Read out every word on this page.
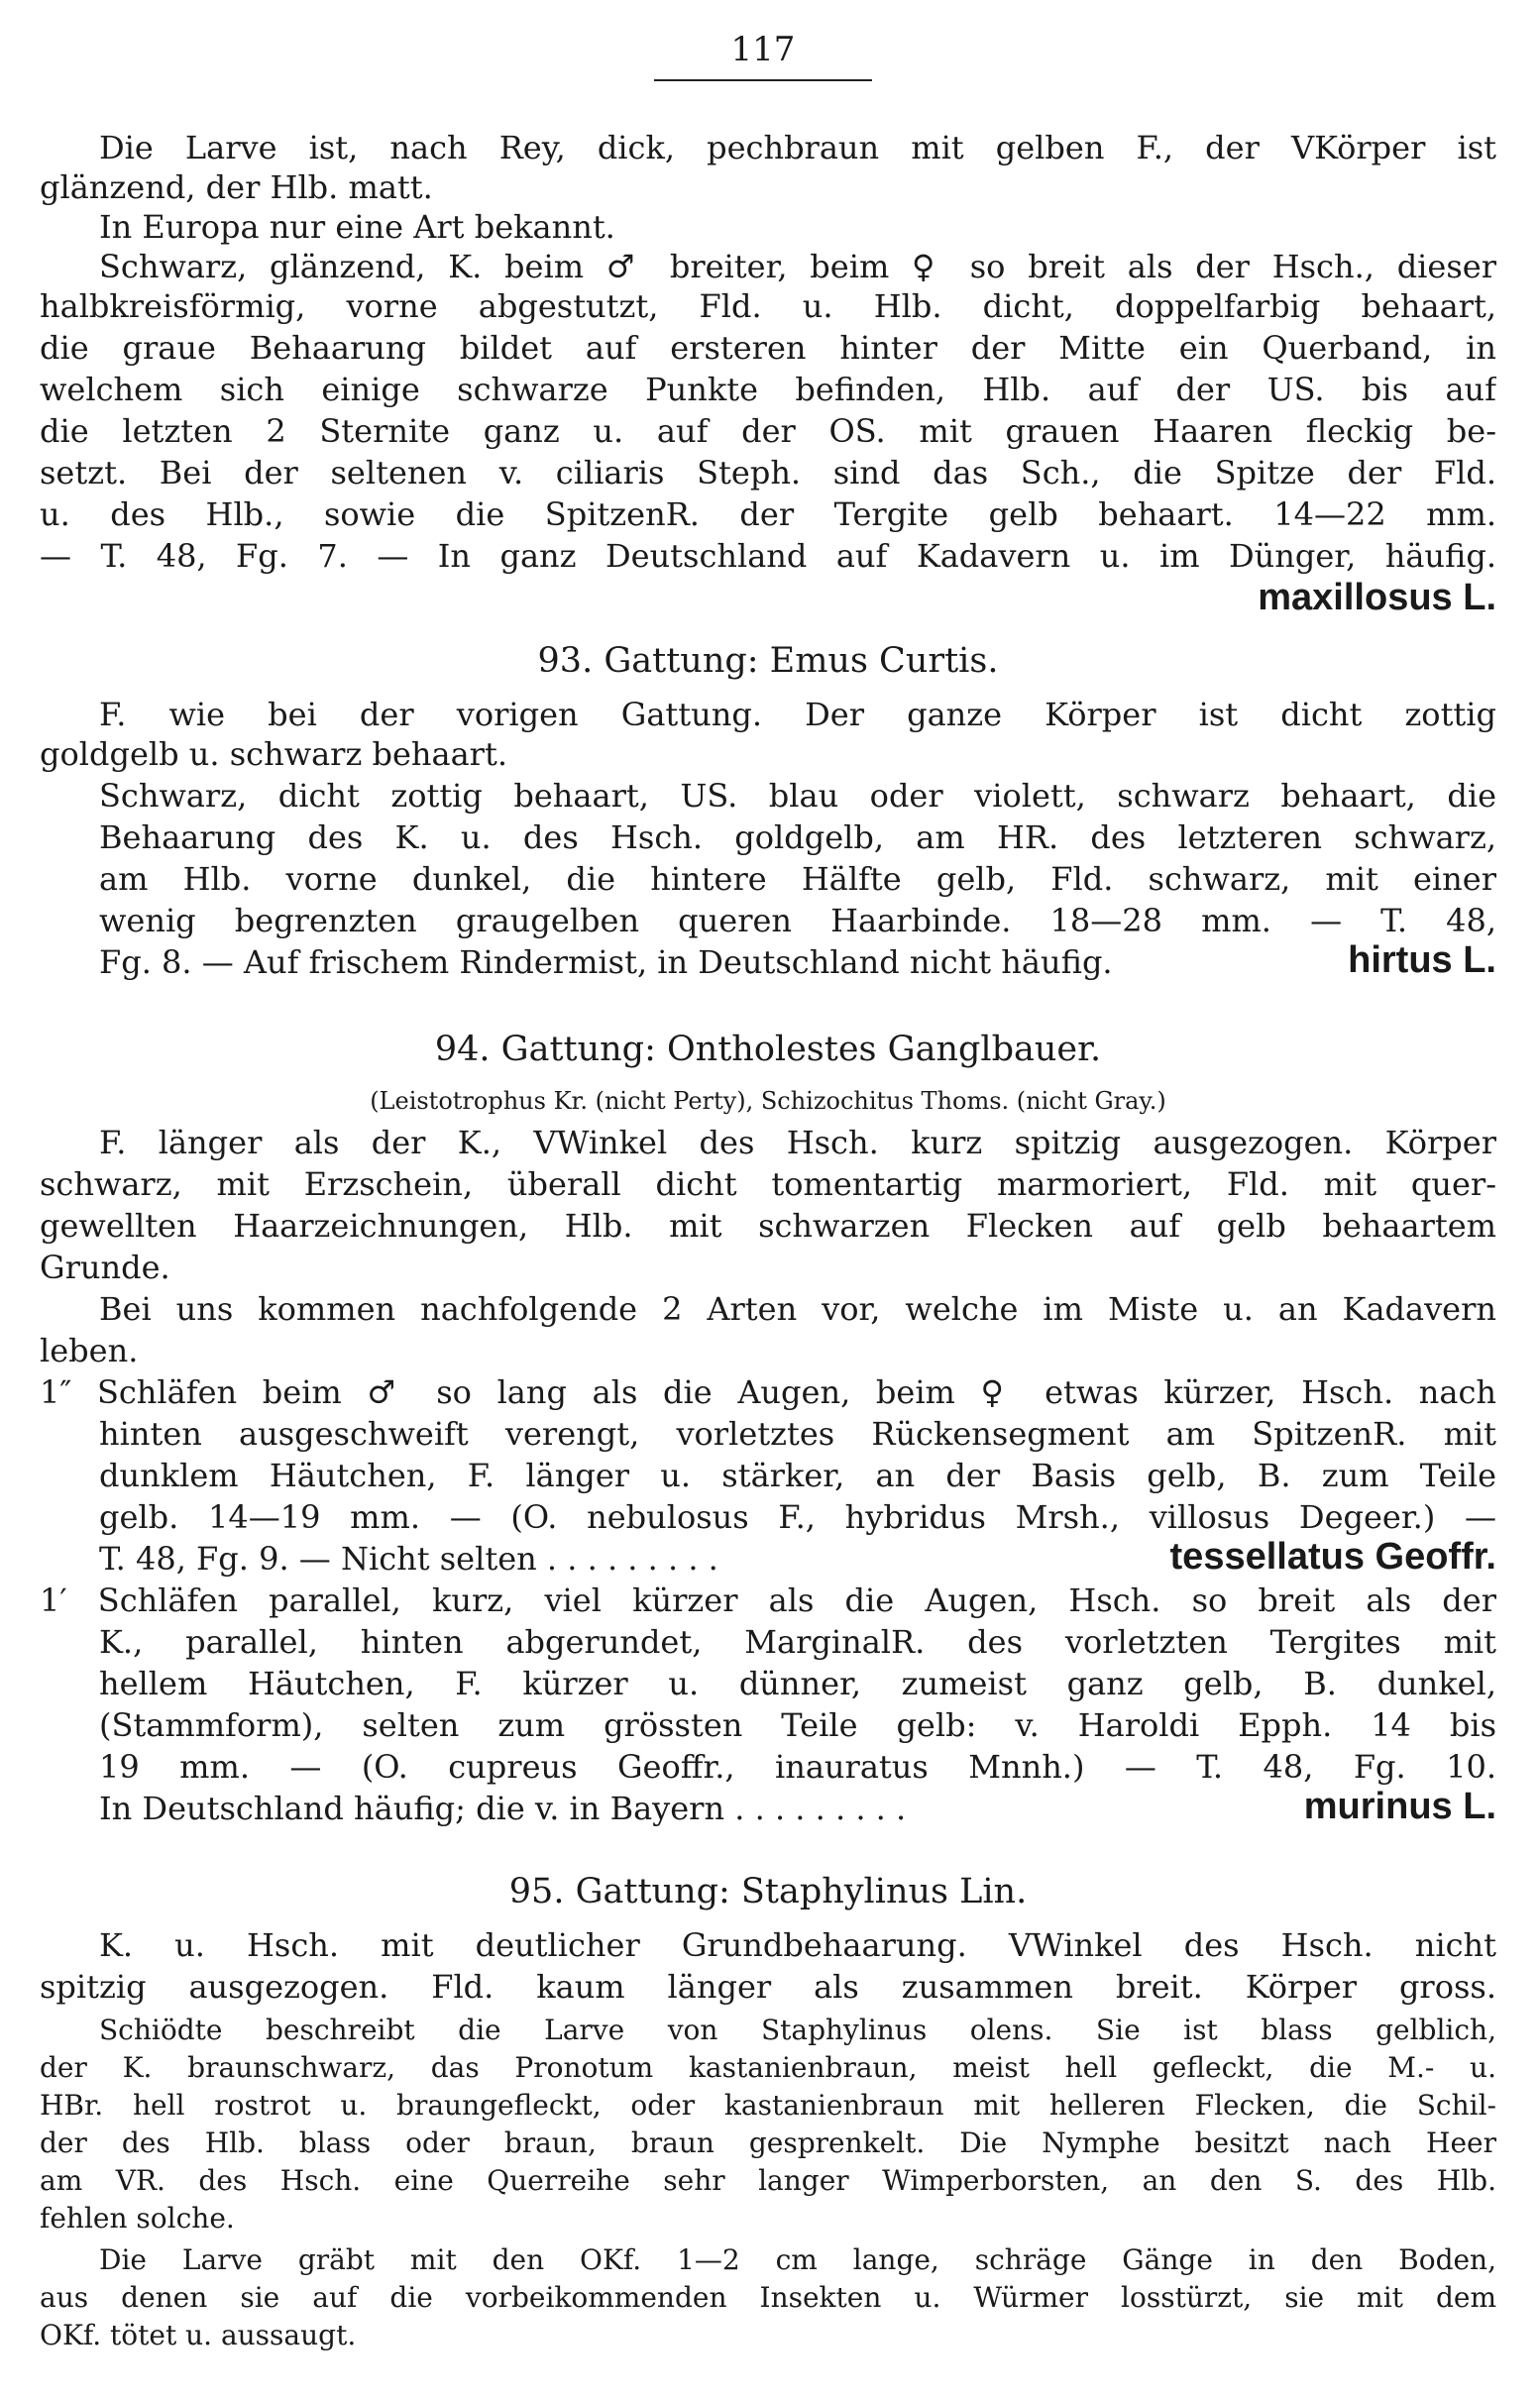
117
Die Larve ist, nach Rey, dick, pechbraun mit gelben F., der VKörper ist
glänzend, der Hlb. matt.
In Europa nur eine Art bekannt.
Schwarz, glänzend, K. beim ♂ breiter, beim ♀ so breit als der Hsch., dieser
halbkreisförmig, vorne abgestutzt, Fld. u. Hlb. dicht, doppelfarbig behaart,
die graue Behaarung bildet auf ersteren hinter der Mitte ein Querband, in
welchem sich einige schwarze Punkte befinden, Hlb. auf der US. bis auf
die letzten 2 Sternite ganz u. auf der OS. mit grauen Haaren fleckig be-
setzt. Bei der seltenen v. ciliaris Steph. sind das Sch., die Spitze der Fld.
u. des Hlb., sowie die SpitzenR. der Tergite gelb behaart. 14—22 mm.
— T. 48, Fg. 7. — In ganz Deutschland auf Kadavern u. im Dünger, häufig.
maxillosus L.
93. Gattung: Emus Curtis.
F. wie bei der vorigen Gattung. Der ganze Körper ist dicht zottig
goldgelb u. schwarz behaart.
Schwarz, dicht zottig behaart, US. blau oder violett, schwarz behaart, die
Behaarung des K. u. des Hsch. goldgelb, am HR. des letzteren schwarz,
am Hlb. vorne dunkel, die hintere Hälfte gelb, Fld. schwarz, mit einer
wenig begrenzten graugelben queren Haarbinde. 18—28 mm. — T. 48,
Fg. 8. — Auf frischem Rindermist, in Deutschland nicht häufig.	hirtus L.
94. Gattung: Ontholestes Ganglbauer.
(Leistotrophus Kr. (nicht Perty), Schizochitus Thoms. (nicht Gray.)
F. länger als der K., VWinkel des Hsch. kurz spitzig ausgezogen. Körper
schwarz, mit Erzschein, überall dicht tomentartig marmoriert, Fld. mit quer-
gewellten Haarzeichnungen, Hlb. mit schwarzen Flecken auf gelb behaartem
Grunde.
Bei uns kommen nachfolgende 2 Arten vor, welche im Miste u. an Kadavern
leben.
1″ Schläfen beim ♂ so lang als die Augen, beim ♀ etwas kürzer, Hsch. nach
hinten ausgeschweift verengt, vorletztes Rückensegment am SpitzenR. mit
dunklem Häutchen, F. länger u. stärker, an der Basis gelb, B. zum Teile
gelb. 14—19 mm. — (O. nebulosus F., hybridus Mrsh., villosus Degeer.) —
T. 48, Fg. 9. — Nicht selten . . . . . . . . .	tessellatus Geoffr.
1′ Schläfen parallel, kurz, viel kürzer als die Augen, Hsch. so breit als der
K., parallel, hinten abgerundet, MarginalR. des vorletzten Tergites mit
hellem Häutchen, F. kürzer u. dünner, zumeist ganz gelb, B. dunkel,
(Stammform), selten zum grössten Teile gelb: v. Haroldi Epph. 14 bis
19 mm. — (O. cupreus Geoffr., inauratus Mnnh.) — T. 48, Fg. 10.
In Deutschland häufig; die v. in Bayern . . . . . . . . .	murinus L.
95. Gattung: Staphylinus Lin.
K. u. Hsch. mit deutlicher Grundbehaarung. VWinkel des Hsch. nicht
spitzig ausgezogen. Fld. kaum länger als zusammen breit. Körper gross.
Schiödte beschreibt die Larve von Staphylinus olens. Sie ist blass gelblich,
der K. braunschwarz, das Pronotum kastanienbraun, meist hell gefleckt, die M.- u.
HBr. hell rostrot u. braungefleckt, oder kastanienbraun mit helleren Flecken, die Schil-
der des Hlb. blass oder braun, braun gesprenkelt. Die Nymphe besitzt nach Heer
am VR. des Hsch. eine Querreihe sehr langer Wimperborsten, an den S. des Hlb.
fehlen solche.
Die Larve gräbt mit den OKf. 1—2 cm lange, schräge Gänge in den Boden,
aus denen sie auf die vorbeikommenden Insekten u. Würmer losstürzt, sie mit dem
OKf. tötet u. aussaugt.
